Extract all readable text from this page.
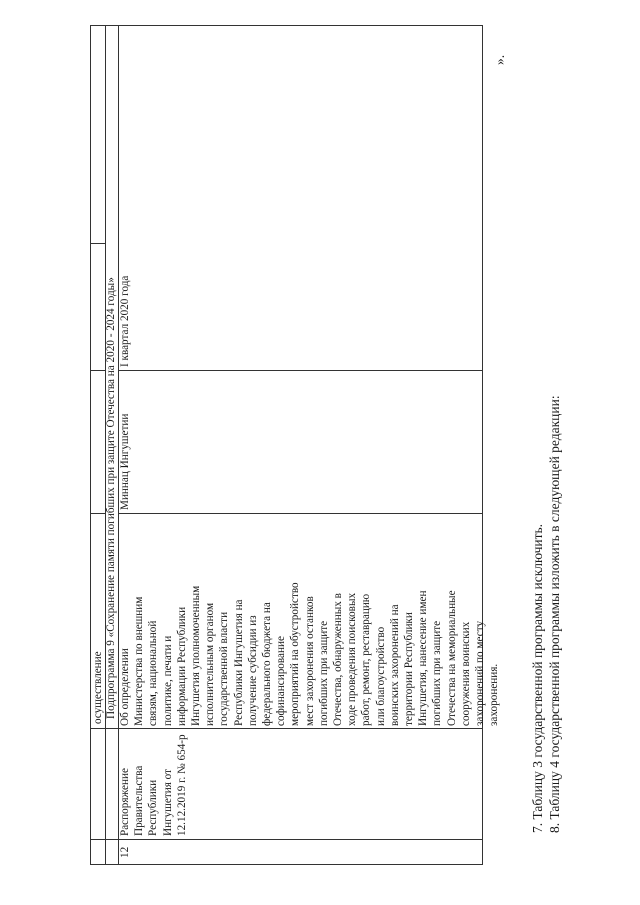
осуществление Подпрограмма 9 «Сохранение памяти погибших при защите Отечества на 2020 - 2024 годы»
12
Распоряжение
Правительства
Республики Ингушетия от
12.12.2019 г. № 654-р
Об определении
Министерства по внешним
связям, национальной
политике, печати и
информации Республики
Ингушетия уполномоченным
исполнительным органом
государственной власти
Республики Ингушетия на
получение субсидии из
федерального бюджета на
софинансирование
мероприятий на обустройство
мест захоронения останков
погибших при защите
Отечества, обнаруженных в
ходе проведения поисковых
работ, ремонт, реставрацию
или благоустройство
воинских захоронений на
территории Республики
Ингушетия, нанесение имен
погибших при защите
Отечества на мемориальные
сооружения воинских
захоронений по месту
захоронения.
Миннац Ингушетии
I квартал 2020 года
».
7. Таблицу 3 государственной программы исключить. 8. Таблицу 4 государственной программы изложить в следующей редакции:
